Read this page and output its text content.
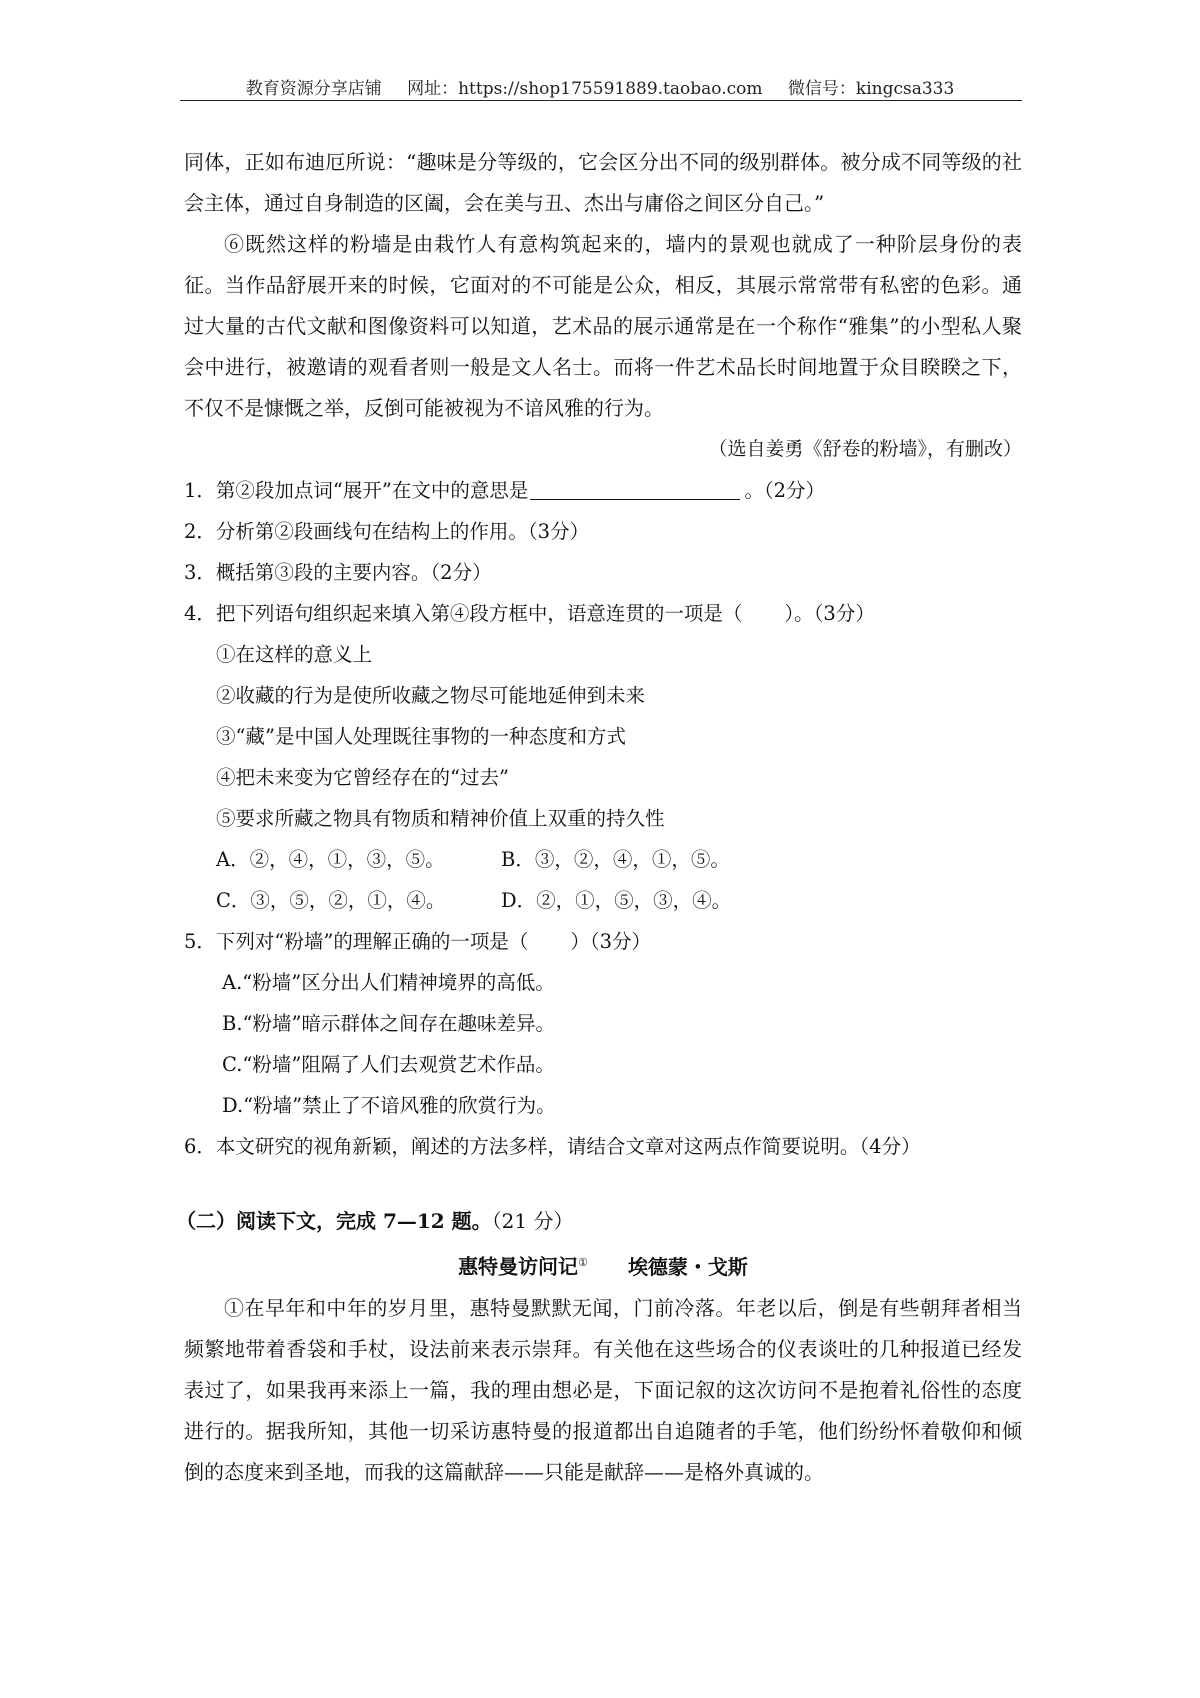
教育资源分享店铺 网址：https://shop175591889.taobao.com 微信号：kingcsa333

同体，正如布迪厄所说：“趣味是分等级的，它会区分出不同的级别群体。被分成不同等级的社会主体，通过自身制造的区阖，会在美与丑、杰出与庸俗之间区分自己。”

⑥既然这样的粉墙是由栽竹人有意构筑起来的，墙内的景观也就成了一种阶层身份的表征。当作品舒展开来的时候，它面对的不可能是公众，相反，其展示常常带有私密的色彩。通过大量的古代文献和图像资料可以知道，艺术品的展示通常是在一个称作“雅集”的小型私人聚会中进行，被邀请的观看者则一般是文人名士。而将一件艺术品长时间地置于众目睽睽之下，不仅不是慷慨之举，反倒可能被视为不谙风雅的行为。

（选自姜勇《舒卷的粉墙》，有删改）

1．第②段加点词“展开”在文中的意思是	。（2分）

2．分析第②段画线句在结构上的作用。（3分）

3．概括第③段的主要内容。（2分）

4．把下列语句组织起来填入第④段方框中，语意连贯的一项是（ ）。（3分）

①在这样的意义上

②收藏的行为是使所收藏之物尽可能地延伸到未来

③“藏”是中国人处理既往事物的一种态度和方式

④把未来变为它曾经存在的“过去”

⑤要求所藏之物具有物质和精神价值上双重的持久性

A．②，④，①，③，⑤。	B．③，②，④，①，⑤。

C．③，⑤，②，①，④。	D．②，①，⑤，③，④。

5．下列对“粉墙”的理解正确的一项是（ ）（3分）

A.“粉墙”区分出人们精神境界的高低。

B.“粉墙”暗示群体之间存在趣味差异。

C.“粉墙”阻隔了人们去观赏艺术作品。

D.“粉墙”禁止了不谙风雅的欣赏行为。

6．本文研究的视角新颖，阐述的方法多样，请结合文章对这两点作简要说明。（4分）

（二）阅读下文，完成 7—12 题。（21 分）
惠特曼访问记① 埃德蒙・戈斯

①在早年和中年的岁月里，惠特曼默默无闻，门前冷落。年老以后，倒是有些朝拜者相当频繁地带着香袋和手杖，设法前来表示崇拜。有关他在这些场合的仪表谈吐的几种报道已经发表过了，如果我再来添上一篇，我的理由想必是，下面记叙的这次访问不是抱着礼俗性的态度进行的。据我所知，其他一切采访惠特曼的报道都出自追随者的手笔，他们纷纷怀着敬仰和倾倒的态度来到圣地，而我的这篇献辞——只能是献辞——是格外真诚的。
